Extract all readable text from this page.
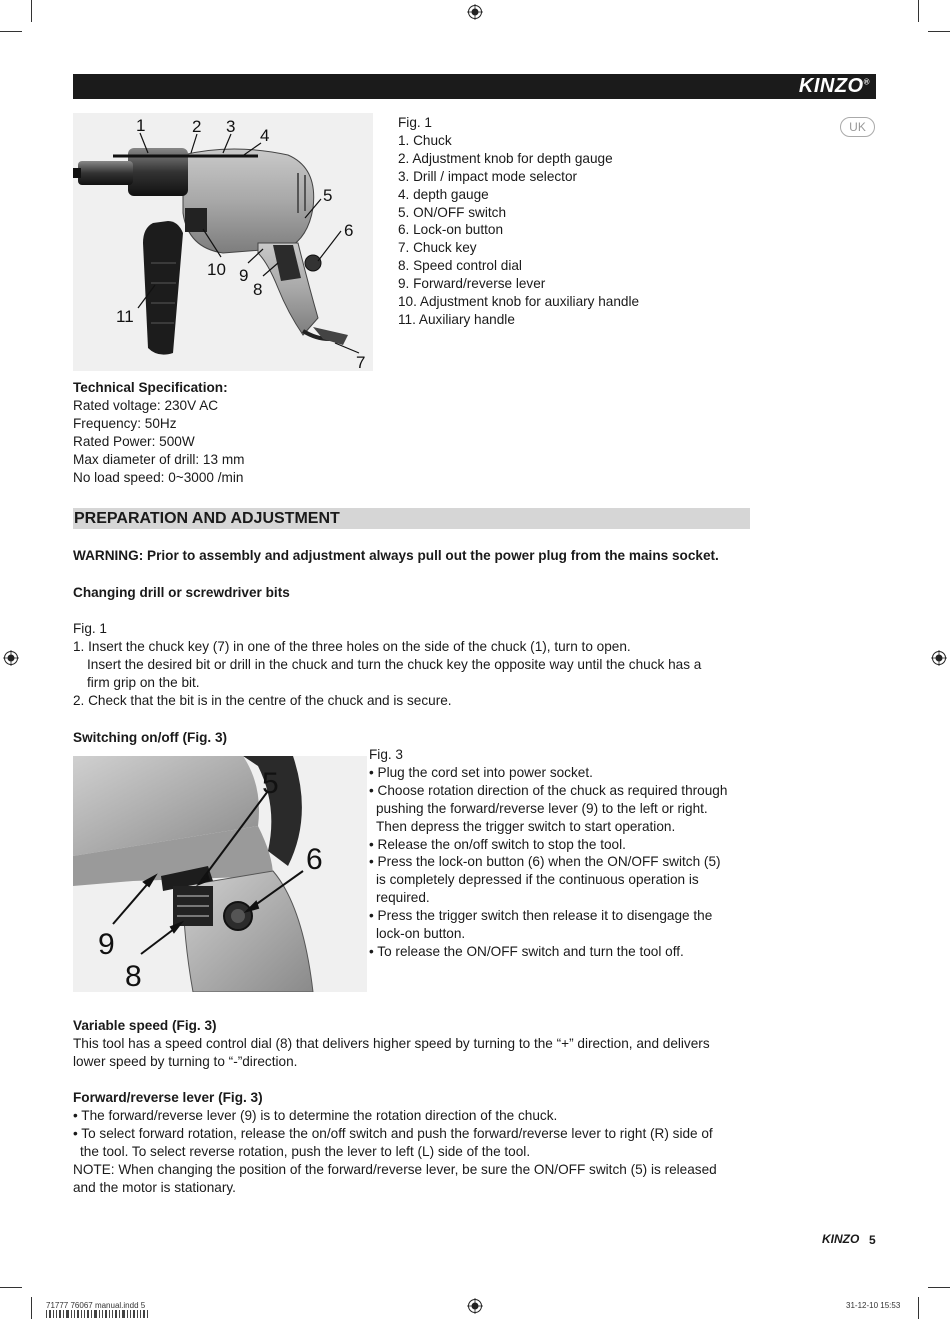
KINZO®
UK
1	2 3 4
5
6
7
8
9
10
11
Fig. 1
1. Chuck
2. Adjustment knob for depth gauge
3. Drill / impact mode selector
4. depth gauge
5. ON/OFF switch
6. Lock-on button
7. Chuck key
8. Speed control dial
9. Forward/reverse lever
10. Adjustment knob for auxiliary handle
11. Auxiliary handle
Technical Specification:
Rated voltage: 230V AC
Frequency: 50Hz
Rated Power: 500W
Max diameter of drill: 13 mm
No load speed: 0~3000 /min
PREPARATION AND ADJUSTMENT
WARNING: Prior to assembly and adjustment always pull out the power plug from the mains socket.
Changing drill or screwdriver bits
Fig. 1
1. Insert the chuck key (7) in one of the three holes on the side of the chuck (1), turn to open.
Insert the desired bit or drill in the chuck and turn the chuck key the opposite way until the chuck has a
firm grip on the bit.
2. Check that the bit is in the centre of the chuck and is secure.
Switching on/off (Fig. 3)
5
6
9
8
Fig. 3
• Plug the cord set into power socket.
• Choose rotation direction of the chuck as required through
pushing the forward/reverse lever (9) to the left or right.
Then depress the trigger switch to start operation.
• Release the on/off switch to stop the tool.
• Press the lock-on button (6) when the ON/OFF switch (5)
is completely depressed if the continuous operation is
required.
• Press the trigger switch then release it to disengage the
lock-on button.
• To release the ON/OFF switch and turn the tool off.
Variable speed (Fig. 3)
This tool has a speed control dial (8) that delivers higher speed by turning to the “+” direction, and delivers
lower speed by turning to “-”direction.
Forward/reverse lever (Fig. 3)
• The forward/reverse lever (9) is to determine the rotation direction of the chuck.
• To select forward rotation, release the on/off switch and push the forward/reverse lever to right (R) side of
the tool. To select reverse rotation, push the lever to left (L) side of the tool.
NOTE: When changing the position of the forward/reverse lever, be sure the ON/OFF switch (5) is released
and the motor is stationary.
KINZO 5
71777 76067 manual.indd 5	31-12-10 15:53
